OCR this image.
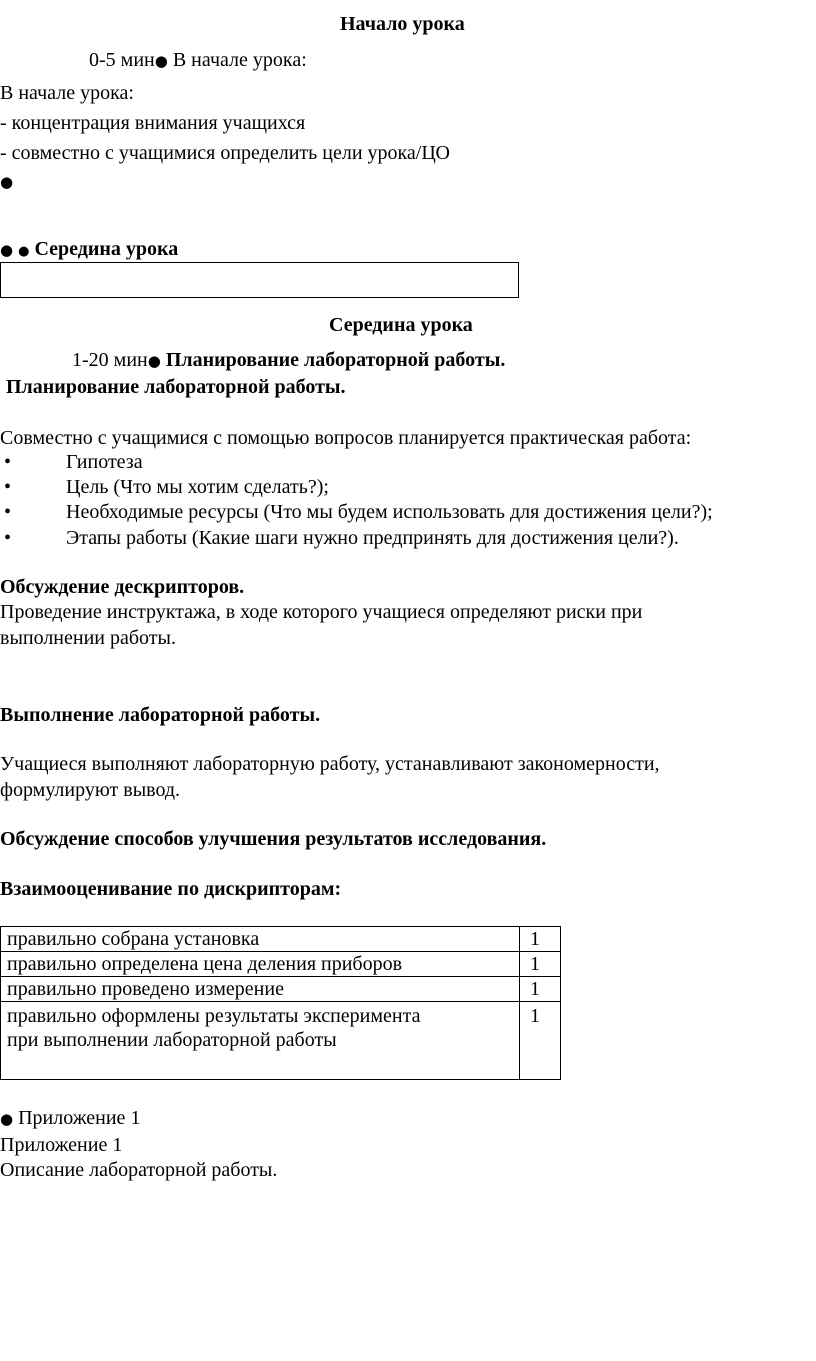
Начало урока
0-5 мин● В начале урока:
В начале урока:
- концентрация внимания учащихся
- совместно с учащимися определить цели урока/ЦО
●
● ● Середина урока
Середина урока
1-20 мин● Планирование лабораторной работы.
Планирование лабораторной работы.
Совместно с учащимися с помощью вопросов планируется практическая работа:
•	Гипотеза
•	Цель (Что мы хотим сделать?);
•	Необходимые ресурсы (Что мы будем использовать для достижения цели?);
•	Этапы работы (Какие шаги нужно предпринять для достижения цели?).
Обсуждение дескрипторов.
Проведение инструктажа, в ходе которого учащиеся определяют риски при
выполнении работы.
Выполнение лабораторной работы.
Учащиеся выполняют лабораторную работу, устанавливают закономерности,
формулируют вывод.
Обсуждение способов улучшения результатов исследования.
Взаимооценивание по дискрипторам:
правильно собрана установка	1
правильно определена цена деления приборов	1
правильно проведено измерение	1

правильно оформлены результаты эксперимента
при выполнении лабораторной работы	1
● Приложение 1
Приложение 1
Описание лабораторной работы.
